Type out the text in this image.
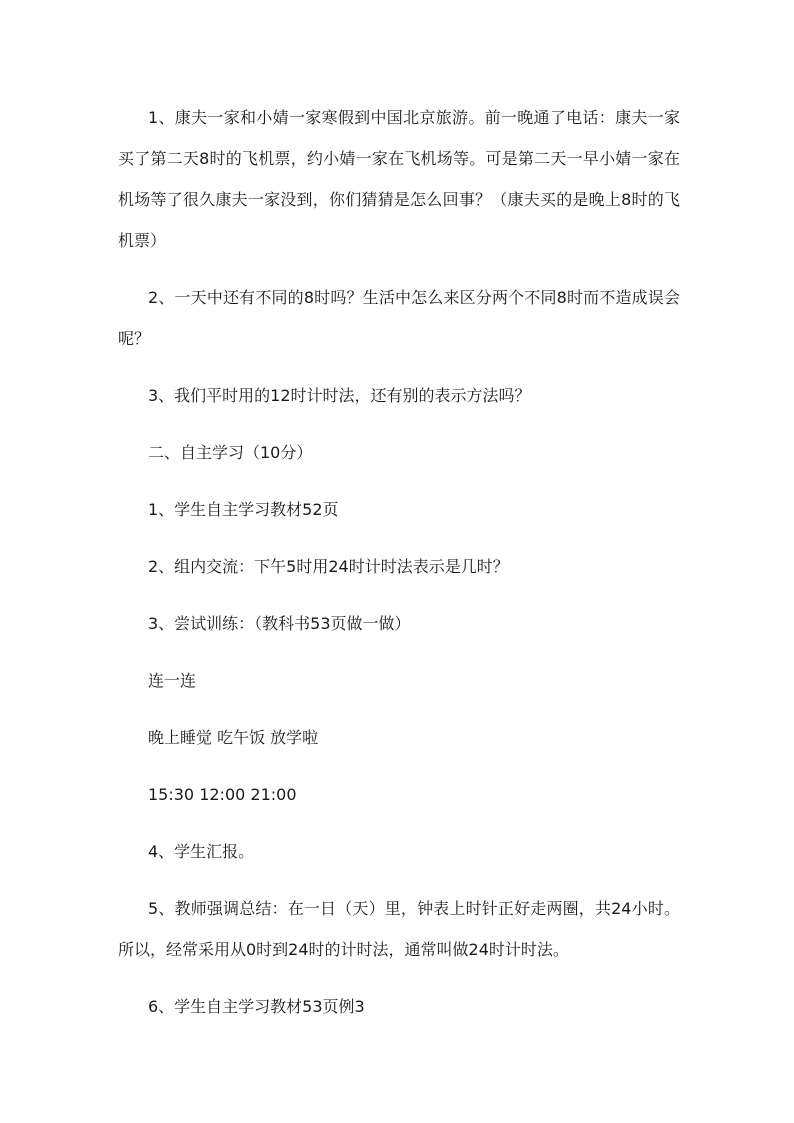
1、康夫一家和小婧一家寒假到中国北京旅游。前一晚通了电话：康夫一家买了第二天8时的飞机票，约小婧一家在飞机场等。可是第二天一早小婧一家在机场等了很久康夫一家没到，你们猜猜是怎么回事？（康夫买的是晚上8时的飞机票）

2、一天中还有不同的8时吗？生活中怎么来区分两个不同8时而不造成误会呢？

3、我们平时用的12时计时法，还有别的表示方法吗？

二、自主学习（10分）

1、学生自主学习教材52页

2、组内交流：下午5时用24时计时法表示是几时？

3、尝试训练：（教科书53页做一做）

连一连

晚上睡觉 吃午饭 放学啦

15:30 12:00 21:00

4、学生汇报。

5、教师强调总结：在一日（天）里，钟表上时针正好走两圈，共24小时。所以，经常采用从0时到24时的计时法，通常叫做24时计时法。

6、学生自主学习教材53页例3
